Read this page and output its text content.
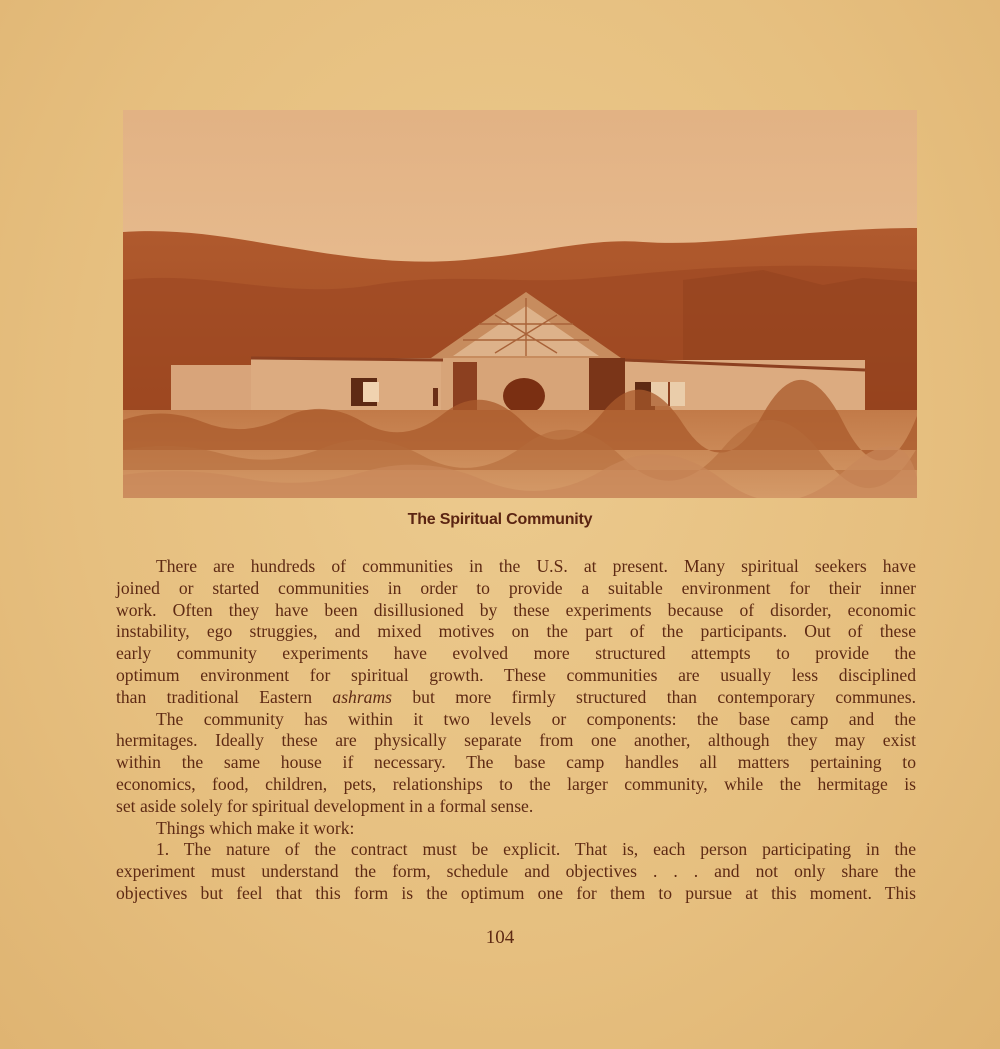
The Spiritual Community
There are hundreds of communities in the U.S. at present. Many spiritual seekers have
joined or started communities in order to provide a suitable environment for their inner
work. Often they have been disillusioned by these experiments because of disorder, economic
instability, ego struggies, and mixed motives on the part of the participants. Out of these
early community experiments have evolved more structured attempts to provide the
optimum environment for spiritual growth. These communities are usually less disciplined
than traditional Eastern ashrams but more firmly structured than contemporary communes.
The community has within it two levels or components: the base camp and the
hermitages. Ideally these are physically separate from one another, although they may exist
within the same house if necessary. The base camp handles all matters pertaining to
economics, food, children, pets, relationships to the larger community, while the hermitage is
set aside solely for spiritual development in a formal sense.
Things which make it work:
1. The nature of the contract must be explicit. That is, each person participating in the
experiment must understand the form, schedule and objectives . . . and not only share the
objectives but feel that this form is the optimum one for them to pursue at this moment. This
104
